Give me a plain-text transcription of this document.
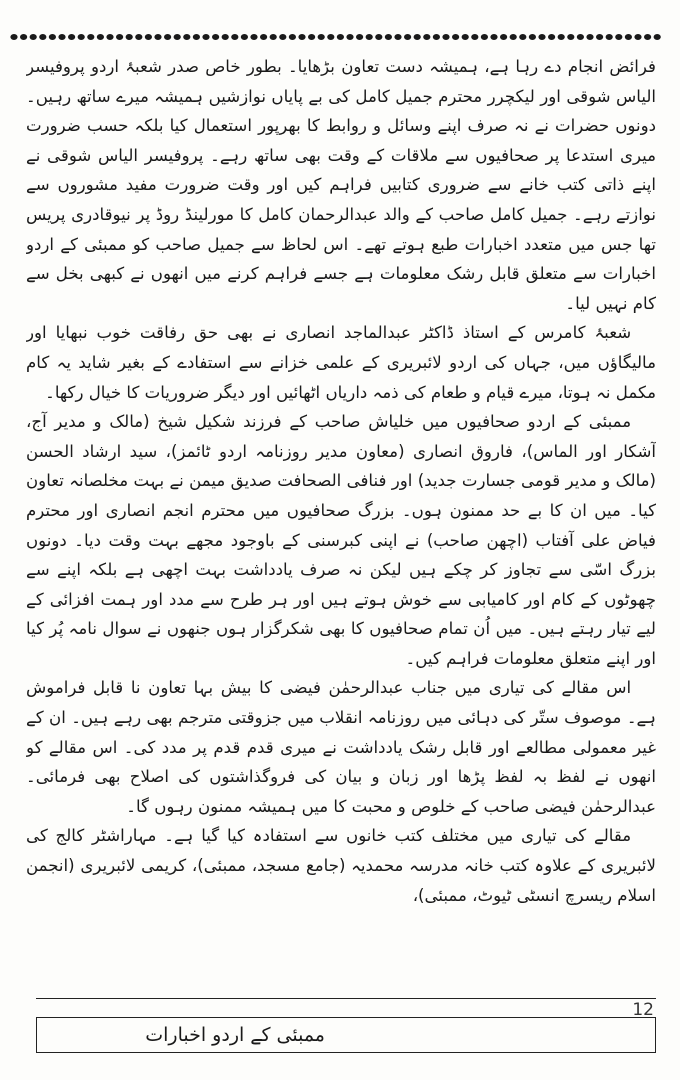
فرائض انجام دے رہا ہے، ہمیشہ دست تعاون بڑھایا۔ بطور خاص صدر شعبۂ اردو پروفیسر الیاس شوقی اور لیکچرر محترم جمیل کامل کی بے پایاں نوازشیں ہمیشہ میرے ساتھ رہیں۔ دونوں حضرات نے نہ صرف اپنے وسائل و روابط کا بھرپور استعمال کیا بلکہ حسب ضرورت میری استدعا پر صحافیوں سے ملاقات کے وقت بھی ساتھ رہے۔ پروفیسر الیاس شوقی نے اپنے ذاتی کتب خانے سے ضروری کتابیں فراہم کیں اور وقت ضرورت مفید مشوروں سے نوازتے رہے۔ جمیل کامل صاحب کے والد عبدالرحمان کامل کا مورلینڈ روڈ پر نیوقادری پریس تھا جس میں متعدد اخبارات طبع ہوتے تھے۔ اس لحاظ سے جمیل صاحب کو ممبئی کے اردو اخبارات سے متعلق قابل رشک معلومات ہے جسے فراہم کرنے میں انھوں نے کبھی بخل سے کام نہیں لیا۔

شعبۂ کامرس کے استاذ ڈاکٹر عبدالماجد انصاری نے بھی حق رفاقت خوب نبھایا اور مالیگاؤں میں، جہاں کی اردو لائبریری کے علمی خزانے سے استفادے کے بغیر شاید یہ کام مکمل نہ ہوتا، میرے قیام و طعام کی ذمہ داریاں اٹھائیں اور دیگر ضروریات کا خیال رکھا۔

ممبئی کے اردو صحافیوں میں خلیاش صاحب کے فرزند شکیل شیخ (مالک و مدیر آج، آشکار اور الماس)، فاروق انصاری (معاون مدیر روزنامہ اردو ٹائمز)، سید ارشاد الحسن (مالک و مدیر قومی جسارت جدید) اور فنافی الصحافت صدیق میمن نے بہت مخلصانہ تعاون کیا۔ میں ان کا بے حد ممنون ہوں۔ بزرگ صحافیوں میں محترم انجم انصاری اور محترم فیاض علی آفتاب (اچھن صاحب) نے اپنی کبرسنی کے باوجود مجھے بہت وقت دیا۔ دونوں بزرگ اسّی سے تجاوز کر چکے ہیں لیکن نہ صرف یادداشت بہت اچھی ہے بلکہ اپنے سے چھوٹوں کے کام اور کامیابی سے خوش ہوتے ہیں اور ہر طرح سے مدد اور ہمت افزائی کے لیے تیار رہتے ہیں۔ میں اُن تمام صحافیوں کا بھی شکرگزار ہوں جنھوں نے سوال نامہ پُر کیا اور اپنے متعلق معلومات فراہم کیں۔

اس مقالے کی تیاری میں جناب عبدالرحمٰن فیضی کا بیش بہا تعاون نا قابل فراموش ہے۔ موصوف ستّر کی دہائی میں روزنامہ انقلاب میں جزوقتی مترجم بھی رہے ہیں۔ ان کے غیر معمولی مطالعے اور قابل رشک یادداشت نے میری قدم قدم پر مدد کی۔ اس مقالے کو انھوں نے لفظ بہ لفظ پڑھا اور زبان و بیان کی فروگذاشتوں کی اصلاح بھی فرمائی۔ عبدالرحمٰن فیضی صاحب کے خلوص و محبت کا میں ہمیشہ ممنون رہوں گا۔

مقالے کی تیاری میں مختلف کتب خانوں سے استفادہ کیا گیا ہے۔ مہاراشٹر کالج کی لائبریری کے علاوہ کتب خانہ مدرسہ محمدیہ (جامع مسجد، ممبئی)، کریمی لائبریری (انجمن اسلام ریسرچ انسٹی ٹیوٹ، ممبئی)،

12
ممبئی کے اردو اخبارات
